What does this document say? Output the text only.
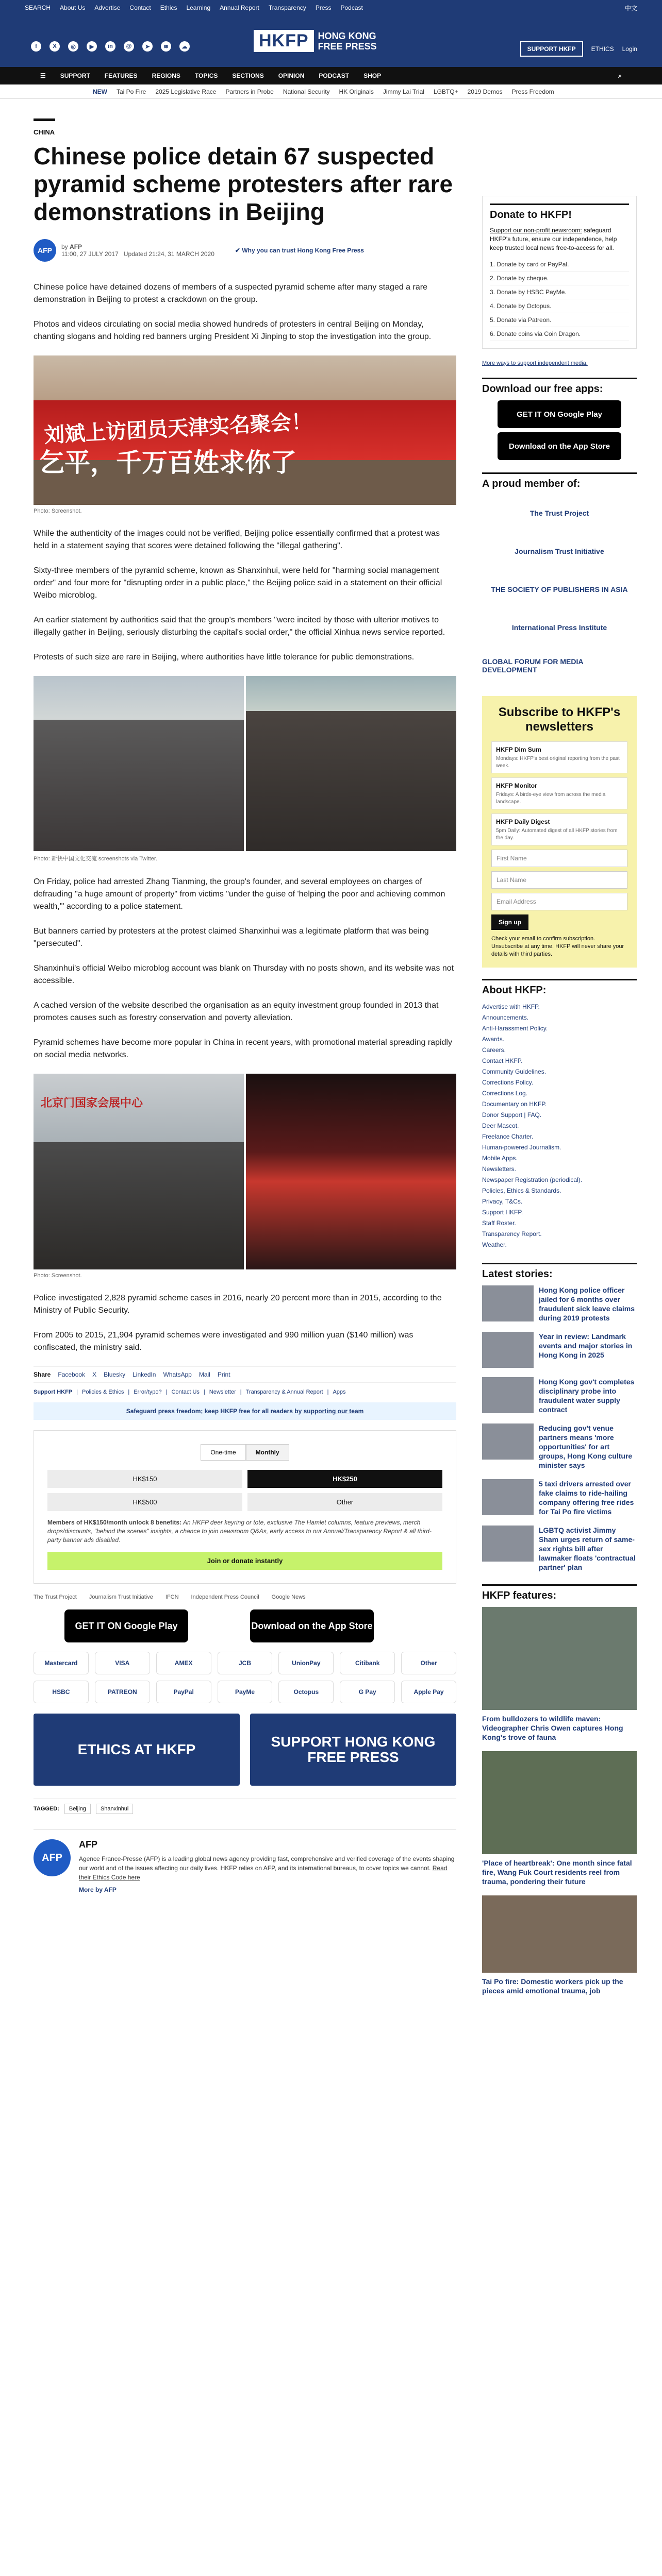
SEARCH About Us Advertise Contact Ethics Learning Annual Report Transparency Press Podcast	中文
f	X	◎	▶	in	@	➤	≋	☁	HKFP	HONG KONG
FREE PRESS	SUPPORT HKFP	ETHICS Login
☰ SUPPORT FEATURES REGIONS TOPICS SECTIONS OPINION PODCAST SHOP	⌕
NEW Tai Po Fire 2025 Legislative Race Partners in Probe National Security HK Originals Jimmy Lai Trial LGBTQ+ 2019 Demos Press Freedom
CHINA
Chinese police detain 67 suspected pyramid scheme protesters after rare demonstrations in Beijing
AFP	by AFP
11:00, 27 JULY 2017 Updated 21:24, 31 MARCH 2020	✔ Why you can trust Hong Kong Free Press

Chinese police have detained dozens of members of a suspected pyramid scheme after many staged a rare demonstration in Beijing to protest a crackdown on the group.

Photos and videos circulating on social media showed hundreds of protesters in central Beijing on Monday, chanting slogans and holding red banners urging President Xi Jinping to stop the investigation into the group.

刘斌上访团员天津实名聚会！
乞平，千万百姓求你了
Photo: Screenshot.

While the authenticity of the images could not be verified, Beijing police essentially confirmed that a protest was held in a statement saying that scores were detained following the "illegal gathering".

Sixty-three members of the pyramid scheme, known as Shanxinhui, were held for "harming social management order" and four more for "disrupting order in a public place," the Beijing police said in a statement on their official Weibo microblog.

An earlier statement by authorities said that the group's members "were incited by those with ulterior motives to illegally gather in Beijing, seriously disturbing the capital's social order," the official Xinhua news service reported.

Protests of such size are rare in Beijing, where authorities have little tolerance for public demonstrations.

Photo: 新快中国文化交流 screenshots via Twitter.

On Friday, police had arrested Zhang Tianming, the group's founder, and several employees on charges of defrauding "a huge amount of property" from victims "under the guise of 'helping the poor and achieving common wealth,'" according to a police statement.

But banners carried by protesters at the protest claimed Shanxinhui was a legitimate platform that was being "persecuted".

Shanxinhui's official Weibo microblog account was blank on Thursday with no posts shown, and its website was not accessible.

A cached version of the website described the organisation as an equity investment group founded in 2013 that promotes causes such as forestry conservation and poverty alleviation.

Pyramid schemes have become more popular in China in recent years, with promotional material spreading rapidly on social media networks.

北京门国家会展中心
Photo: Screenshot.

Police investigated 2,828 pyramid scheme cases in 2016, nearly 20 percent more than in 2015, according to the Ministry of Public Security.

From 2005 to 2015, 21,904 pyramid schemes were investigated and 990 million yuan ($140 million) was confiscated, the ministry said.

Share Facebook X Bluesky LinkedIn WhatsApp Mail Print
Support HKFP | Policies & Ethics | Error/typo? | Contact Us | Newsletter | Transparency & Annual Report | Apps
Safeguard press freedom; keep HKFP free for all readers by supporting our team
One-time	Monthly
HK$150	HK$250
HK$500	Other
Members of HK$150/month unlock 8 benefits: An HKFP deer keyring or tote, exclusive The Hamlet columns, feature previews, merch drops/discounts, "behind the scenes" insights, a chance to join newsroom Q&As, early access to our Annual/Transparency Report & all third-party banner ads disabled.
Join or donate instantly
The Trust Project Journalism Trust Initiative IFCN Independent Press Council Google News
GET IT ON Google Play	Download on the App Store
Mastercard	VISA	AMEX	JCB	UnionPay	Citibank	Other
HSBC	PATREON	PayPal	PayMe	Octopus	G Pay	Apple Pay
ETHICS AT HKFP	SUPPORT HONG KONG FREE PRESS
TAGGED:	Beijing	Shanxinhui
AFP
AFP

Agence France-Presse (AFP) is a leading global news agency providing fast, comprehensive and verified coverage of the events shaping our world and of the issues affecting our daily lives. HKFP relies on AFP, and its international bureaus, to cover topics we cannot. Read their Ethics Code here

More by AFP
Donate to HKFP!
Support our non-profit newsroom: safeguard HKFP's future, ensure our independence, help keep trusted local news free-to-access for all.

1. Donate by card or PayPal.

2. Donate by cheque.

3. Donate by HSBC PayMe.

4. Donate by Octopus.

5. Donate via Patreon.

6. Donate coins via Coin Dragon.

More ways to support independent media.
Download our free apps:
GET IT ON Google Play
Download on the App Store
A proud member of:
The Trust Project
Journalism Trust Initiative
THE SOCIETY OF PUBLISHERS IN ASIA
International Press Institute
GLOBAL FORUM FOR MEDIA DEVELOPMENT
Subscribe to HKFP's newsletters
HKFP Dim Sum
Mondays: HKFP's best original reporting from the past week.
HKFP Monitor
Fridays: A birds-eye view from across the media landscape.
HKFP Daily Digest
5pm Daily: Automated digest of all HKFP stories from the day.
First Name
Last Name
Email Address
Sign up
Check your email to confirm subscription. Unsubscribe at any time. HKFP will never share your details with third parties.
About HKFP:

Advertise with HKFP.

Announcements.

Anti-Harassment Policy.

Awards.

Careers.

Contact HKFP.

Community Guidelines.

Corrections Policy.

Corrections Log.

Documentary on HKFP.

Donor Support | FAQ.

Deer Mascot.

Freelance Charter.

Human-powered Journalism.

Mobile Apps.

Newsletters.

Newspaper Registration (periodical).

Policies, Ethics & Standards.

Privacy, T&Cs.

Support HKFP.

Staff Roster.

Transparency Report.

Weather.

Latest stories:
Hong Kong police officer jailed for 6 months over fraudulent sick leave claims during 2019 protests
Year in review: Landmark events and major stories in Hong Kong in 2025
Hong Kong gov't completes disciplinary probe into fraudulent water supply contract
Reducing gov't venue partners means 'more opportunities' for art groups, Hong Kong culture minister says
5 taxi drivers arrested over fake claims to ride-hailing company offering free rides for Tai Po fire victims
LGBTQ activist Jimmy Sham urges return of same-sex rights bill after lawmaker floats 'contractual partner' plan
HKFP features:
From bulldozers to wildlife maven: Videographer Chris Owen captures Hong Kong's trove of fauna
'Place of heartbreak': One month since fatal fire, Wang Fuk Court residents reel from trauma, pondering their future
Tai Po fire: Domestic workers pick up the pieces amid emotional trauma, job
